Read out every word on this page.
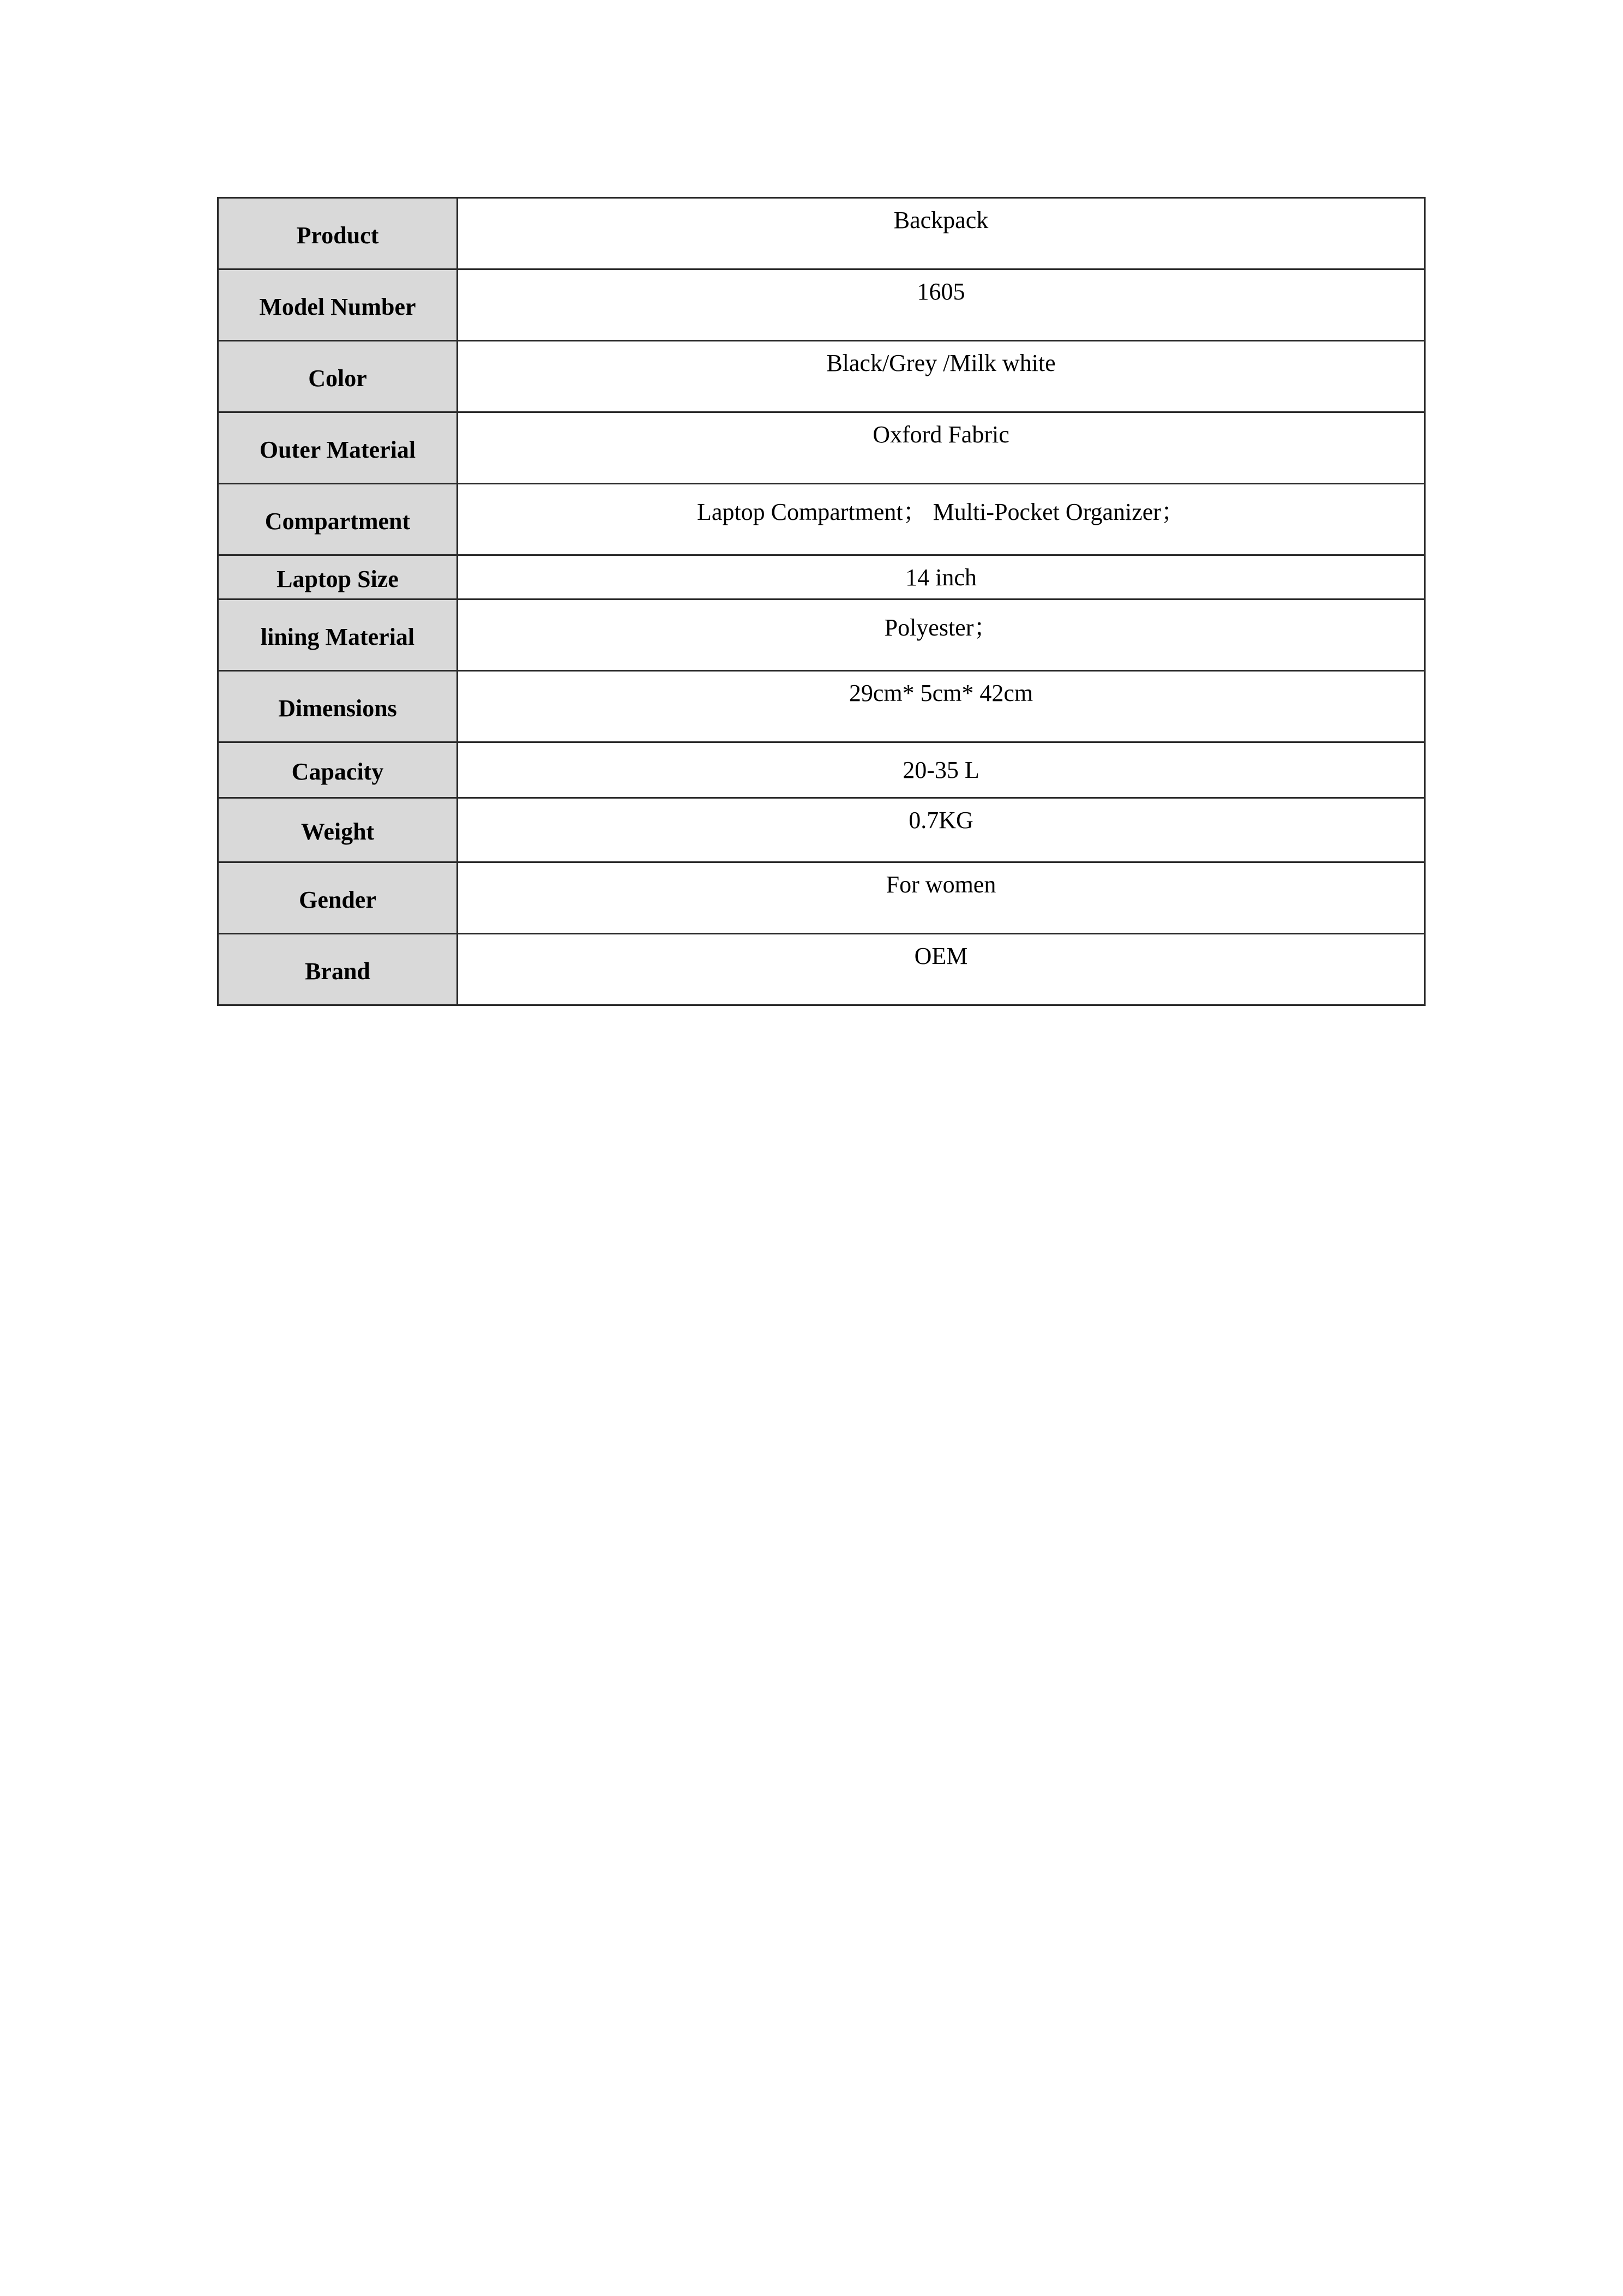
Product	Backpack
Model Number	1605
Color	Black/Grey /Milk white
Outer Material	Oxford Fabric
Compartment	Laptop Compartment； Multi-Pocket Organizer；
Laptop Size	14 inch
lining Material	Polyester；
Dimensions	29cm* 5cm* 42cm
Capacity	20-35 L
Weight	0.7KG
Gender	For women
Brand	OEM
